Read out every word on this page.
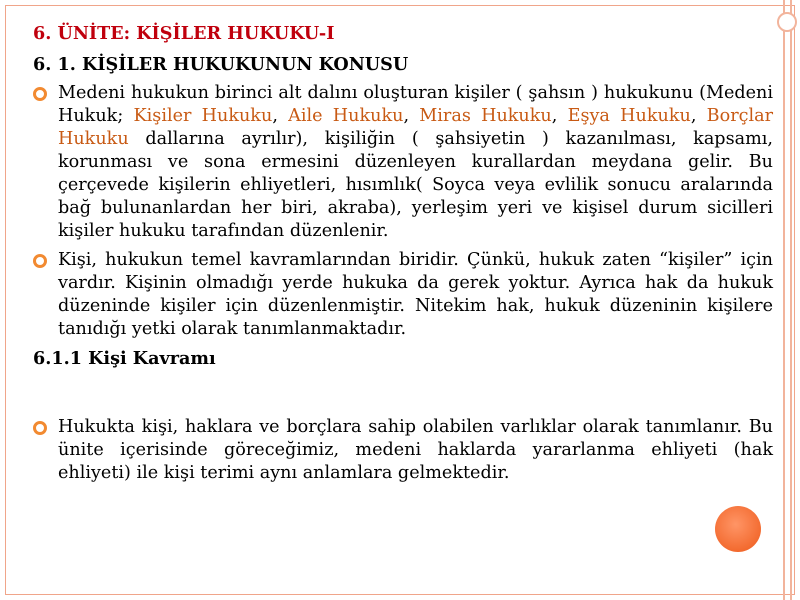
6. ÜNİTE: KİŞİLER HUKUKU-I
6. 1. KİŞİLER HUKUKUNUN KONUSU
Medeni hukukun birinci alt dalını oluşturan kişiler ( şahsın ) hukukunu (Medeni Hukuk; Kişiler Hukuku, Aile Hukuku, Miras Hukuku, Eşya Hukuku, Borçlar Hukuku dallarına ayrılır), kişiliğin ( şahsiyetin ) kazanılması, kapsamı, korunması ve sona ermesini düzenleyen kurallardan meydana gelir. Bu çerçevede kişilerin ehliyetleri, hısımlık( Soyca veya evlilik sonucu aralarında bağ bulunanlardan her biri, akraba), yerleşim yeri ve kişisel durum sicilleri kişiler hukuku tarafından düzenlenir.
Kişi, hukukun temel kavramlarından biridir. Çünkü, hukuk zaten “kişiler” için vardır. Kişinin olmadığı yerde hukuka da gerek yoktur. Ayrıca hak da hukuk düzeninde kişiler için düzenlenmiştir. Nitekim hak, hukuk düzeninin kişilere tanıdığı yetki olarak tanımlanmaktadır.
6.1.1 Kişi Kavramı
Hukukta kişi, haklara ve borçlara sahip olabilen varlıklar olarak tanımlanır. Bu ünite içerisinde göreceğimiz, medeni haklarda yararlanma ehliyeti (hak ehliyeti) ile kişi terimi aynı anlamlara gelmektedir.
